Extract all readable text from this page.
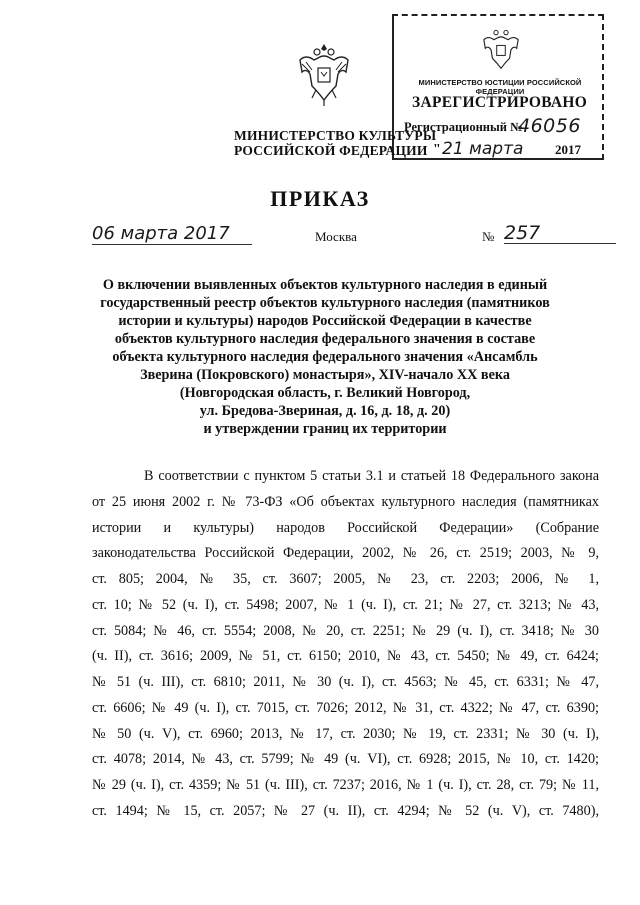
МИНИСТЕРСТВО ЮСТИЦИИ РОССИЙСКОЙ ФЕДЕРАЦИИ
ЗАРЕГИСТРИРОВАНО
Регистрационный №
46056
" 21 марта 2017
МИНИСТЕРСТВО КУЛЬТУРЫ
РОССИЙСКОЙ ФЕДЕРАЦИИ
ПРИКАЗ
06 марта 2017	Москва	№ 257
О включении выявленных объектов культурного наследия в единый
государственный реестр объектов культурного наследия (памятников
истории и культуры) народов Российской Федерации в качестве
объектов культурного наследия федерального значения в составе
объекта культурного наследия федерального значения «Ансамбль
Зверина (Покровского) монастыря», XIV-начало XX века
(Новгородская область, г. Великий Новгород,
ул. Бредова-Звериная, д. 16, д. 18, д. 20)
и утверждении границ их территории
В соответствии с пунктом 5 статьи 3.1 и статьей 18 Федерального закона
от 25 июня 2002 г. № 73-ФЗ «Об объектах культурного наследия (памятниках
истории и культуры) народов Российской Федерации» (Собрание
законодательства Российской Федерации, 2002, № 26, ст. 2519; 2003, № 9,
ст. 805; 2004, № 35, ст. 3607; 2005, № 23, ст. 2203; 2006, № 1,
ст. 10; № 52 (ч. I), ст. 5498; 2007, № 1 (ч. I), ст. 21; № 27, ст. 3213; № 43,
ст. 5084; № 46, ст. 5554; 2008, № 20, ст. 2251; № 29 (ч. I), ст. 3418; № 30
(ч. II), ст. 3616; 2009, № 51, ст. 6150; 2010, № 43, ст. 5450; № 49, ст. 6424;
№ 51 (ч. III), ст. 6810; 2011, № 30 (ч. I), ст. 4563; № 45, ст. 6331; № 47,
ст. 6606; № 49 (ч. I), ст. 7015, ст. 7026; 2012, № 31, ст. 4322; № 47, ст. 6390;
№ 50 (ч. V), ст. 6960; 2013, № 17, ст. 2030; № 19, ст. 2331; № 30 (ч. I),
ст. 4078; 2014, № 43, ст. 5799; № 49 (ч. VI), ст. 6928; 2015, № 10, ст. 1420;
№ 29 (ч. I), ст. 4359; № 51 (ч. III), ст. 7237; 2016, № 1 (ч. I), ст. 28, ст. 79; № 11,
ст. 1494; № 15, ст. 2057; № 27 (ч. II), ст. 4294; № 52 (ч. V), ст. 7480),
